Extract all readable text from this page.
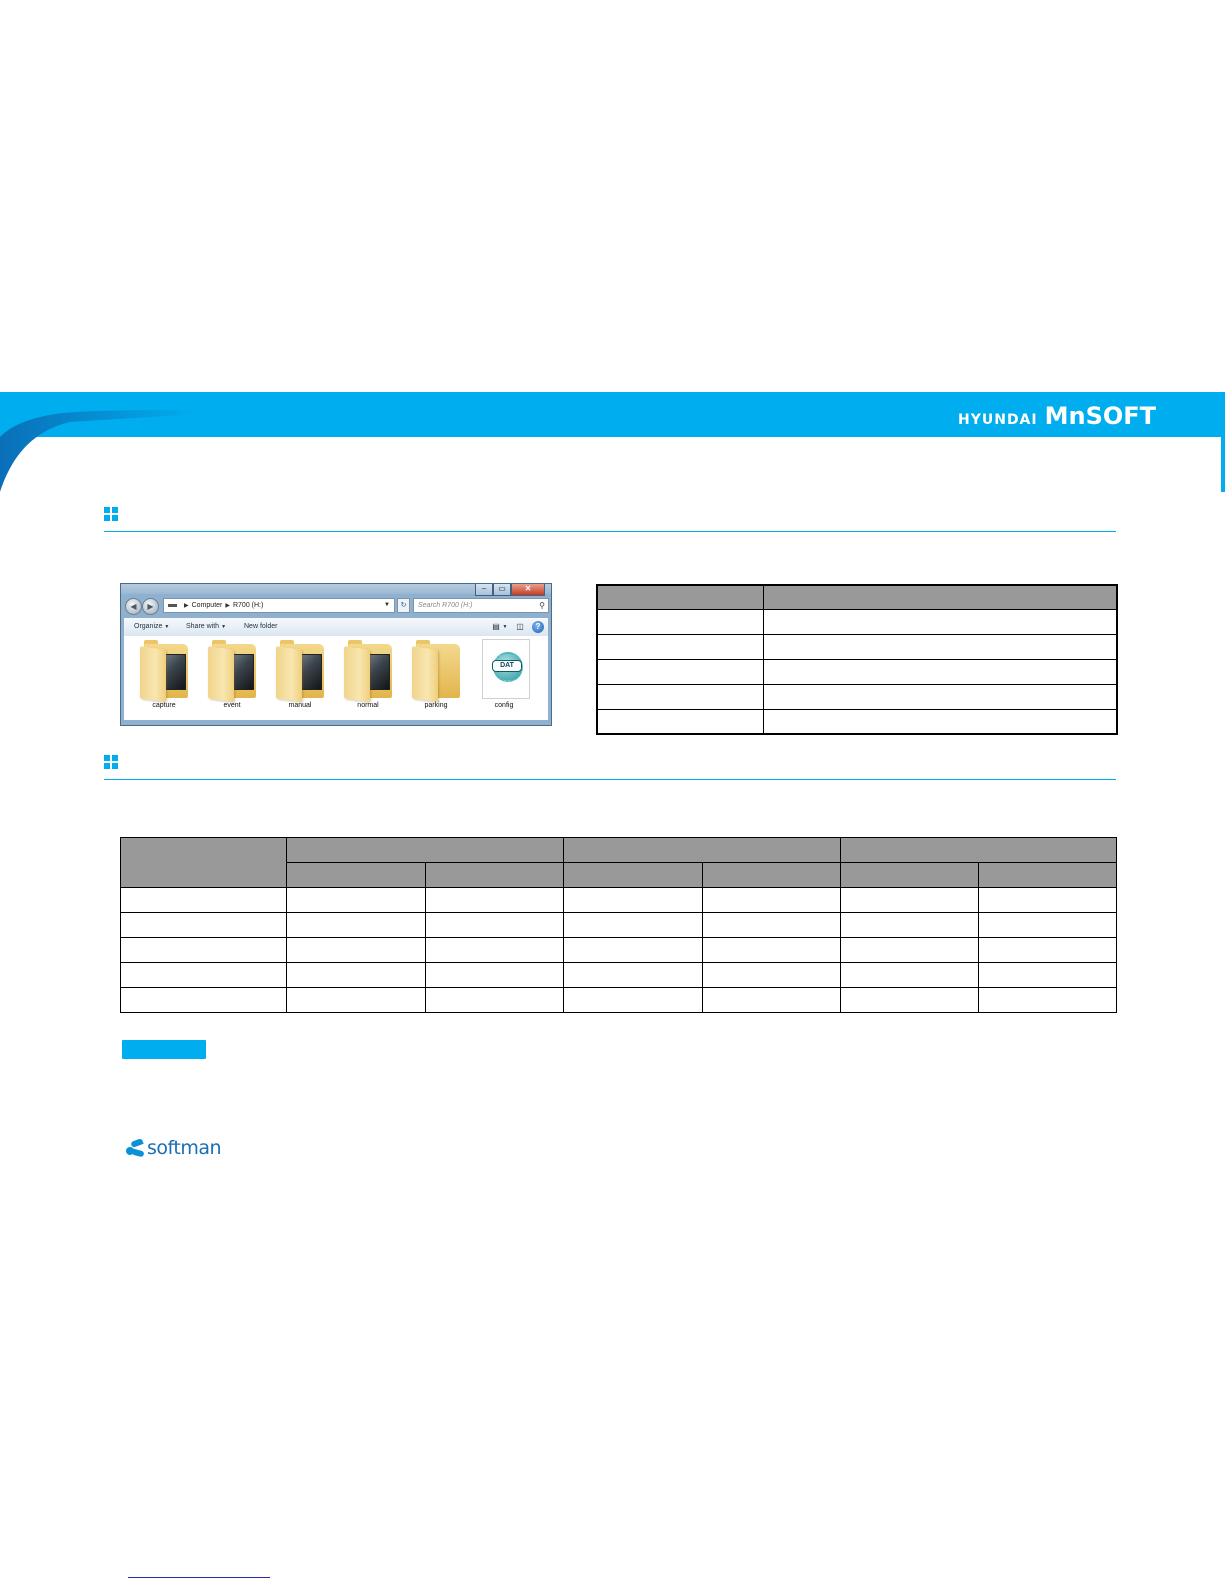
HYUNDAI MnSOFT
–	▭	✕
◀	▶	▶ Computer ▶ R700 (H:)	▼	↻	Search R700 (H:)	⚲
Organize ▼ Share with ▼	New folder	▤ ▼ ◫	?
capture	event	manual	normal	parking
DAT
config

softman
